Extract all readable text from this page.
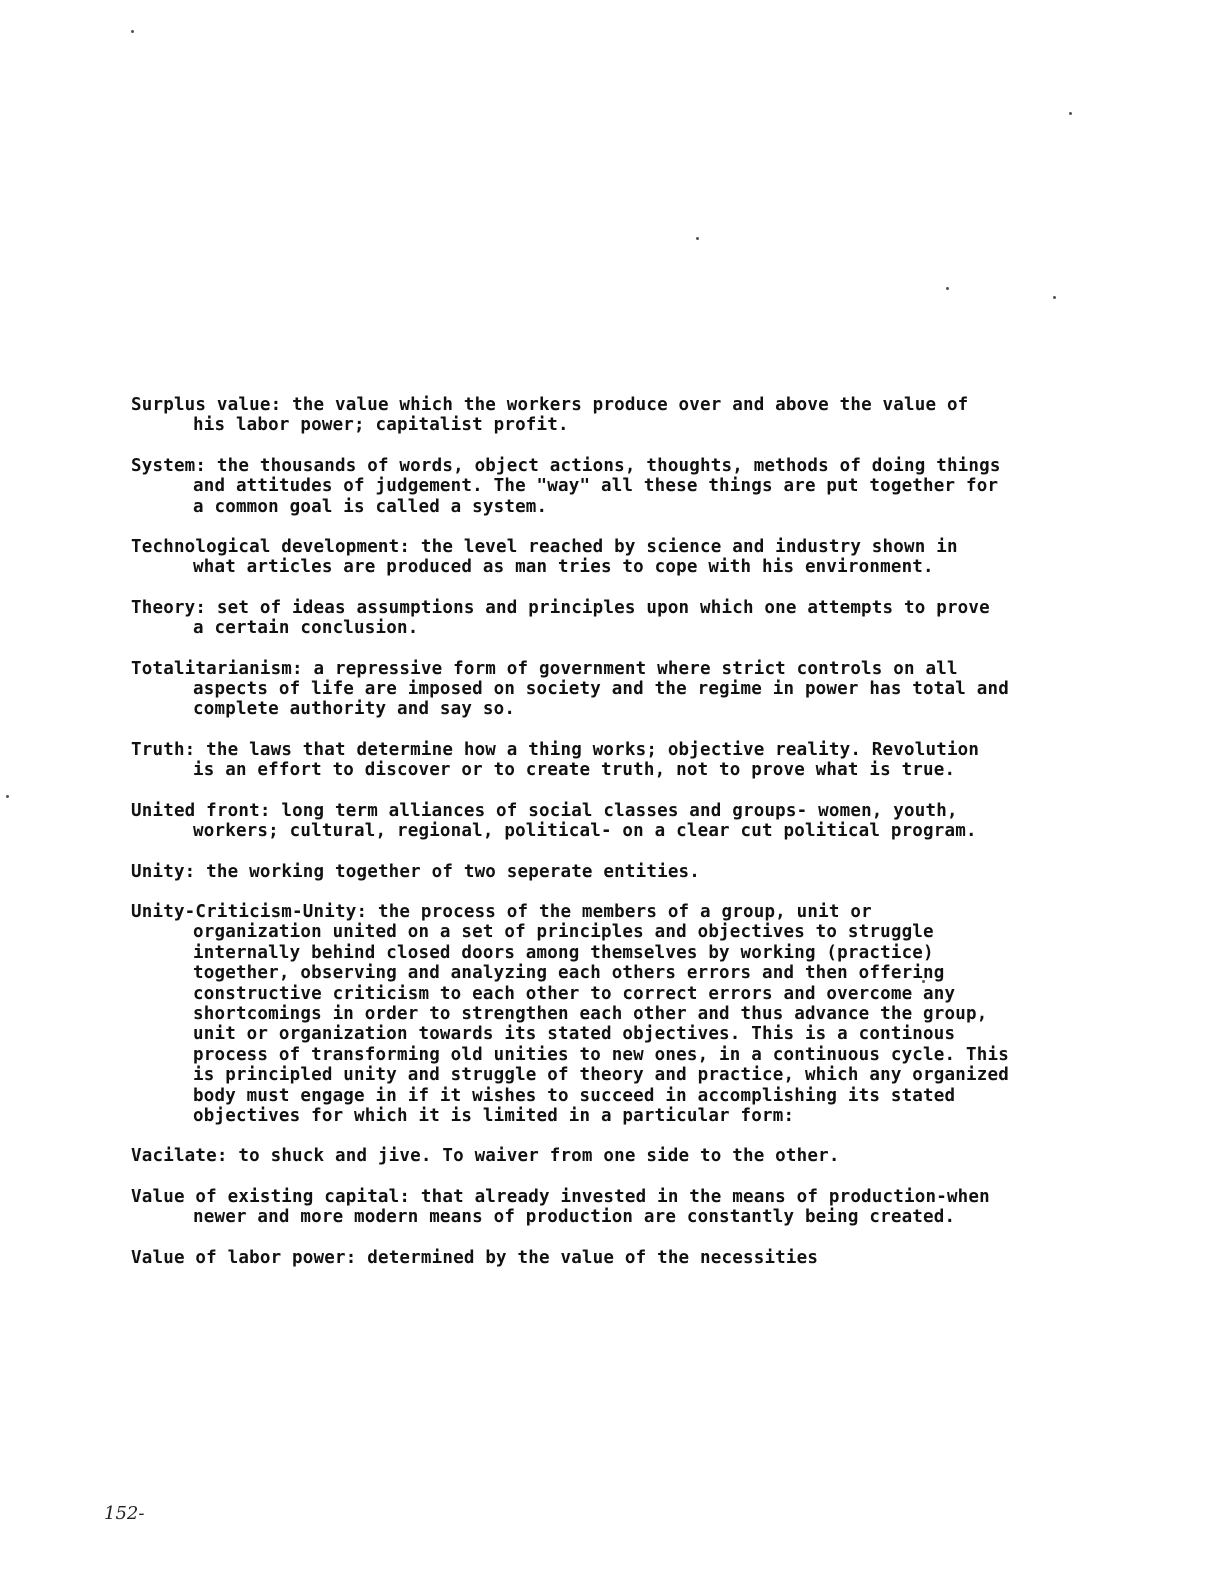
Surplus value: the value which the workers produce over and above the value of his labor power; capitalist profit.

System: the thousands of words, object actions, thoughts, methods of doing things and attitudes of judgement. The "way" all these things are put together for a common goal is called a system.

Technological development: the level reached by science and industry shown in what articles are produced as man tries to cope with his environment.

Theory: set of ideas assumptions and principles upon which one attempts to prove a certain conclusion.

Totalitarianism: a repressive form of government where strict controls on all aspects of life are imposed on society and the regime in power has total and complete authority and say so.

Truth: the laws that determine how a thing works; objective reality. Revolution is an effort to discover or to create truth, not to prove what is true.

United front: long term alliances of social classes and groups- women, youth, workers; cultural, regional, political- on a clear cut political program.

Unity: the working together of two seperate entities.

Unity-Criticism-Unity: the process of the members of a group, unit or organization united on a set of principles and objectives to struggle internally behind closed doors among themselves by working (practice) together, observing and analyzing each others errors and then offering constructive criticism to each other to correct errors and overcome any shortcomings in order to strengthen each other and thus advance the group, unit or organization towards its stated objectives. This is a continous process of transforming old unities to new ones, in a continuous cycle. This is principled unity and struggle of theory and practice, which any organized body must engage in if it wishes to succeed in accomplishing its stated objectives for which it is limited in a particular form:

Vacilate: to shuck and jive. To waiver from one side to the other.

Value of existing capital: that already invested in the means of production-when newer and more modern means of production are constantly being created.

Value of labor power: determined by the value of the necessities

152-
